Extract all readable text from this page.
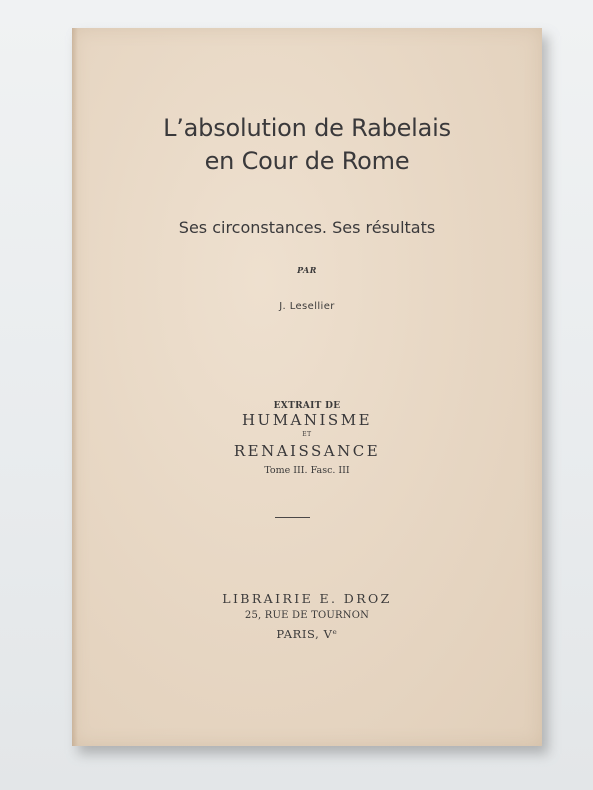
L’absolution de Rabelais
en Cour de Rome
Ses circonstances. Ses résultats
PAR
J. Lesellier
EXTRAIT DE
HUMANISME
ET
RENAISSANCE
Tome III. Fasc. III
LIBRAIRIE E. DROZ
25, RUE DE TOURNON
PARIS, Vᵉ
